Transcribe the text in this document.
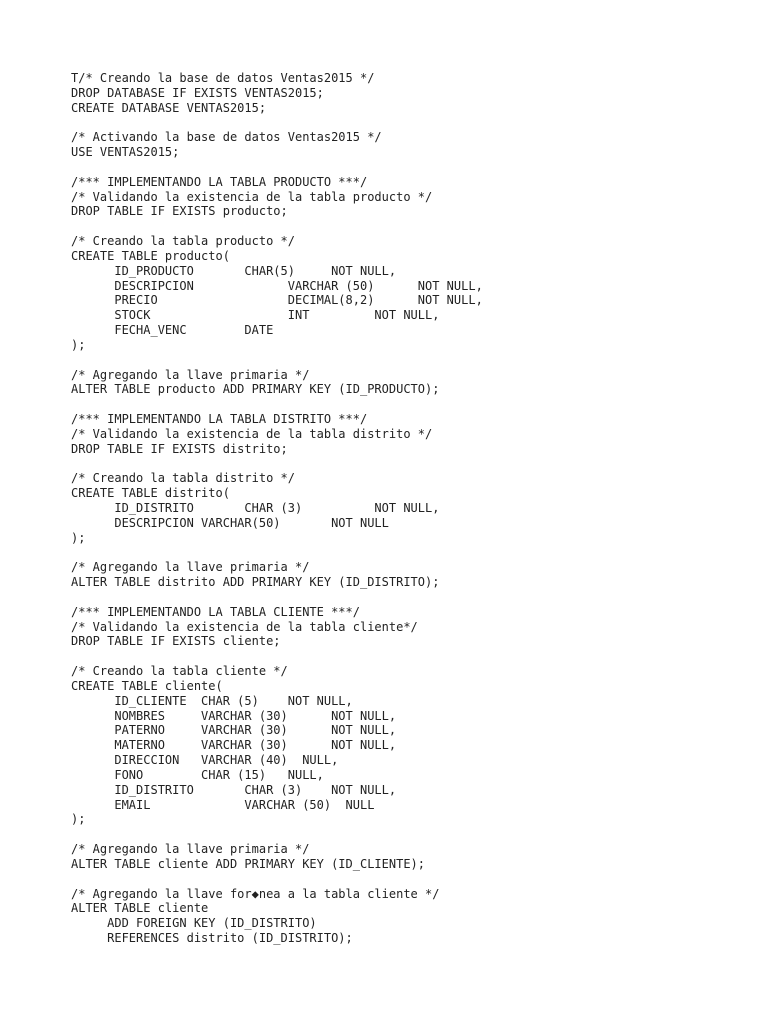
T/* Creando la base de datos Ventas2015 */
DROP DATABASE IF EXISTS VENTAS2015;
CREATE DATABASE VENTAS2015;

/* Activando la base de datos Ventas2015 */
USE VENTAS2015;

/*** IMPLEMENTANDO LA TABLA PRODUCTO ***/
/* Validando la existencia de la tabla producto */
DROP TABLE IF EXISTS producto;

/* Creando la tabla producto */
CREATE TABLE producto(
ID_PRODUCTO       CHAR(5)     NOT NULL,
DESCRIPCION             VARCHAR (50)      NOT NULL,
PRECIO                  DECIMAL(8,2)      NOT NULL,
STOCK                   INT         NOT NULL,
FECHA_VENC        DATE
);

/* Agregando la llave primaria */
ALTER TABLE producto ADD PRIMARY KEY (ID_PRODUCTO);

/*** IMPLEMENTANDO LA TABLA DISTRITO ***/
/* Validando la existencia de la tabla distrito */
DROP TABLE IF EXISTS distrito;

/* Creando la tabla distrito */
CREATE TABLE distrito(
ID_DISTRITO       CHAR (3)          NOT NULL,
DESCRIPCION VARCHAR(50)       NOT NULL
);

/* Agregando la llave primaria */
ALTER TABLE distrito ADD PRIMARY KEY (ID_DISTRITO);

/*** IMPLEMENTANDO LA TABLA CLIENTE ***/
/* Validando la existencia de la tabla cliente*/
DROP TABLE IF EXISTS cliente;

/* Creando la tabla cliente */
CREATE TABLE cliente(
ID_CLIENTE  CHAR (5)    NOT NULL,
NOMBRES     VARCHAR (30)      NOT NULL,
PATERNO     VARCHAR (30)      NOT NULL,
MATERNO     VARCHAR (30)      NOT NULL,
DIRECCION   VARCHAR (40)  NULL,
FONO        CHAR (15)   NULL,
ID_DISTRITO       CHAR (3)    NOT NULL,
EMAIL             VARCHAR (50)  NULL
);

/* Agregando la llave primaria */
ALTER TABLE cliente ADD PRIMARY KEY (ID_CLIENTE);

/* Agregando la llave for◆nea a la tabla cliente */
ALTER TABLE cliente
ADD FOREIGN KEY (ID_DISTRITO)
REFERENCES distrito (ID_DISTRITO);
